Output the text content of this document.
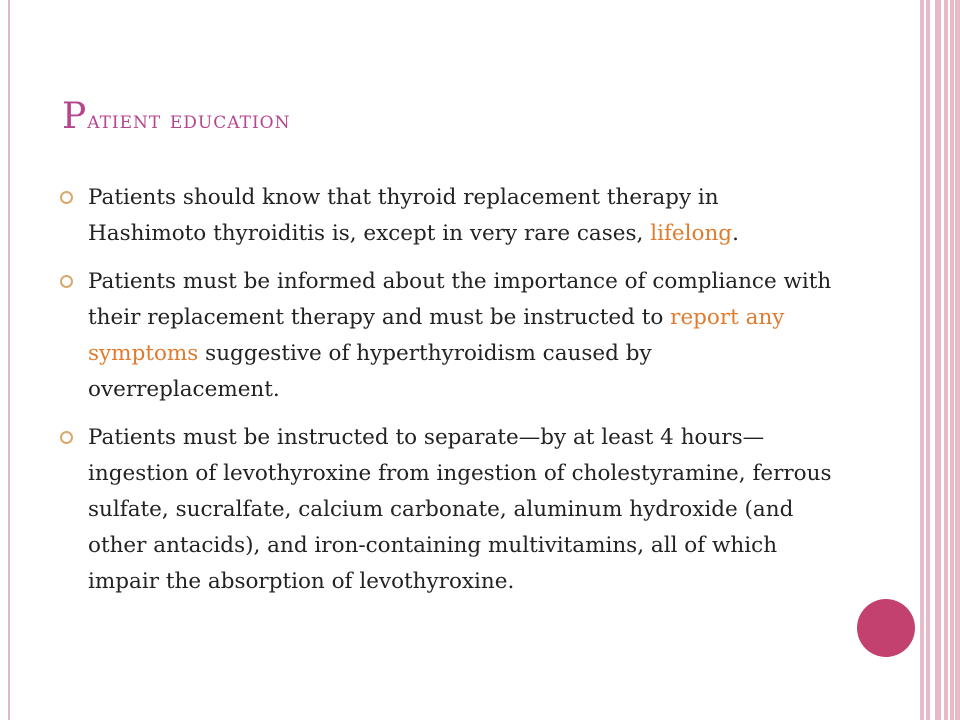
Patient education
Patients should know that thyroid replacement therapy in Hashimoto thyroiditis is, except in very rare cases, lifelong.
Patients must be informed about the importance of compliance with their replacement therapy and must be instructed to report any symptoms suggestive of hyperthyroidism caused by overreplacement.
Patients must be instructed to separate—by at least 4 hours—ingestion of levothyroxine from ingestion of cholestyramine, ferrous sulfate, sucralfate, calcium carbonate, aluminum hydroxide (and other antacids), and iron-containing multivitamins, all of which impair the absorption of levothyroxine.
